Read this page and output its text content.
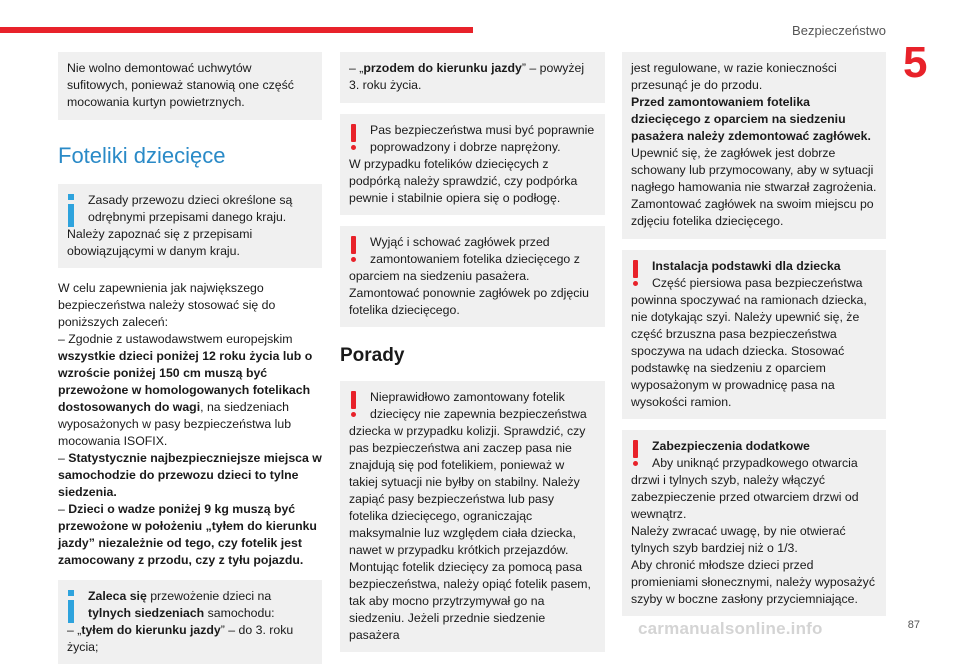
Bezpieczeństwo
5
Nie wolno demontować uchwytów sufitowych, ponieważ stanowią one część mocowania kurtyn powietrznych.
Foteliki dziecięce
Zasady przewozu dzieci określone są
odrębnymi przepisami danego kraju.
Należy zapoznać się z przepisami obowiązującymi w danym kraju.
W celu zapewnienia jak największego bezpieczeństwa należy stosować się do poniższych zaleceń:
– Zgodnie z ustawodawstwem europejskim wszystkie dzieci poniżej 12 roku życia lub o wzroście poniżej 150 cm muszą być przewożone w homologowanych fotelikach dostosowanych do wagi, na siedzeniach wyposażonych w pasy bezpieczeństwa lub mocowania ISOFIX.
– Statystycznie najbezpieczniejsze miejsca w samochodzie do przewozu dzieci to tylne siedzenia.
– Dzieci o wadze poniżej 9 kg muszą być przewożone w położeniu „tyłem do kierunku jazdy” niezależnie od tego, czy fotelik jest zamocowany z przodu, czy z tyłu pojazdu.
Zaleca się przewożenie dzieci na
tylnych siedzeniach samochodu:
– „tyłem do kierunku jazdy” – do 3. roku życia;
– „przodem do kierunku jazdy” – powyżej 3. roku życia.
Pas bezpieczeństwa musi być poprawnie
poprowadzony i dobrze naprężony.
W przypadku fotelików dziecięcych z podpórką należy sprawdzić, czy podpórka pewnie i stabilnie opiera się o podłogę.
Wyjąć i schować zagłówek przed
zamontowaniem fotelika dziecięcego z
oparciem na siedzeniu pasażera. Zamontować ponownie zagłówek po zdjęciu fotelika dziecięcego.
Porady
Nieprawidłowo zamontowany fotelik
dziecięcy nie zapewnia bezpieczeństwa
dziecka w przypadku kolizji. Sprawdzić, czy pas bezpieczeństwa ani zaczep pasa nie znajdują się pod fotelikiem, ponieważ w takiej sytuacji nie byłby on stabilny. Należy zapiąć pasy bezpieczeństwa lub pasy fotelika dziecięcego, ograniczając maksymalnie luz względem ciała dziecka, nawet w przypadku krótkich przejazdów. Montując fotelik dziecięcy za pomocą pasa bezpieczeństwa, należy opiąć fotelik pasem, tak aby mocno przytrzymywał go na siedzeniu. Jeżeli przednie siedzenie pasażera
jest regulowane, w razie konieczności przesunąć je do przodu.
Przed zamontowaniem fotelika dziecięcego z oparciem na siedzeniu pasażera należy zdemontować zagłówek.
Upewnić się, że zagłówek jest dobrze schowany lub przymocowany, aby w sytuacji nagłego hamowania nie stwarzał zagrożenia. Zamontować zagłówek na swoim miejscu po zdjęciu fotelika dziecięcego.
Instalacja podstawki dla dziecka
Część piersiowa pasa bezpieczeństwa
powinna spoczywać na ramionach dziecka, nie dotykając szyi. Należy upewnić się, że część brzuszna pasa bezpieczeństwa spoczywa na udach dziecka. Stosować podstawkę na siedzeniu z oparciem wyposażonym w prowadnicę pasa na wysokości ramion.
Zabezpieczenia dodatkowe
Aby uniknąć przypadkowego otwarcia
drzwi i tylnych szyb, należy włączyć zabezpieczenie przed otwarciem drzwi od wewnątrz.
Należy zwracać uwagę, by nie otwierać tylnych szyb bardziej niż o 1/3.
Aby chronić młodsze dzieci przed promieniami słonecznymi, należy wyposażyć szyby w boczne zasłony przyciemniające.
carmanualsonline.info	87
